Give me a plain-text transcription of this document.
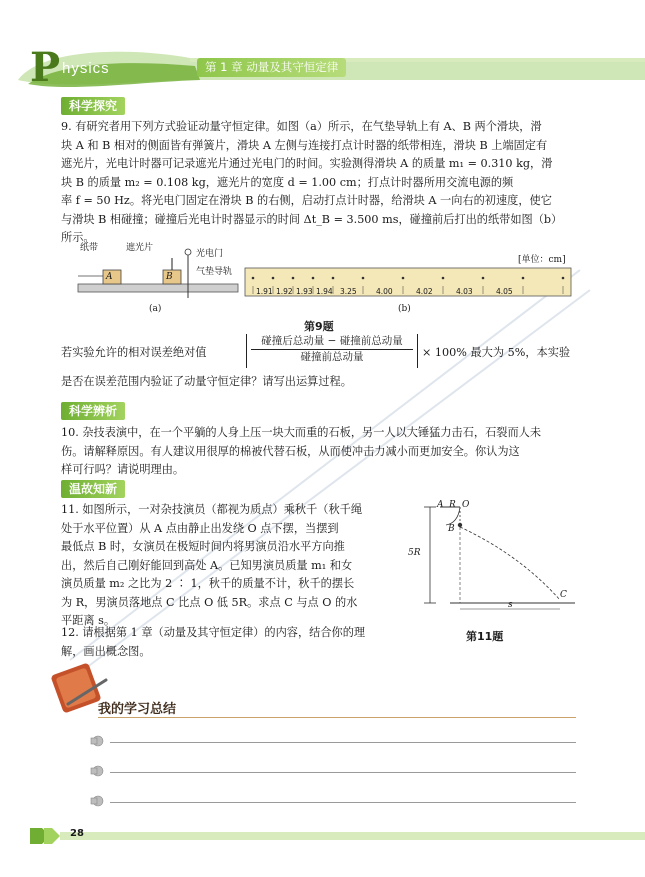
P hysics	第 1 章 动量及其守恒定律
科学探究
9. 有研究者用下列方式验证动量守恒定律。如图（a）所示，在气垫导轨上有 A、B 两个滑块，滑
块 A 和 B 相对的侧面皆有弹簧片，滑块 A 左侧与连接打点计时器的纸带相连，滑块 B 上端固定有
遮光片，光电计时器可记录遮光片通过光电门的时间。实验测得滑块 A 的质量 m₁ = 0.310 kg，滑
块 B 的质量 m₂ = 0.108 kg，遮光片的宽度 d = 1.00 cm；打点计时器所用交流电源的频
率 f = 50 Hz。将光电门固定在滑块 B 的右侧，启动打点计时器，给滑块 A 一向右的初速度，使它
与滑块 B 相碰撞；碰撞后光电计时器显示的时间 Δt_B = 3.500 ms，碰撞前后打出的纸带如图（b）
所示。
纸带	遮光片
光电门
气垫导轨
A	B
(a)
[单位：cm]
1.91 1.92 1.93 1.94 3.25	4.00	4.02	4.03	4.05
(b)
第9题
若实验允许的相对误差绝对值
碰撞后总动量 − 碰撞前总动量
碰撞前总动量	× 100% 最大为 5%，本实验
是否在误差范围内验证了动量守恒定律？请写出运算过程。
科学辨析
10. 杂技表演中，在一个平躺的人身上压一块大而重的石板，另一人以大锤猛力击石，石裂而人未
伤。请解释原因。有人建议用很厚的棉被代替石板，从而使冲击力减小而更加安全。你认为这
样可行吗？请说明理由。
温故知新
11. 如图所示，一对杂技演员（都视为质点）乘秋千（秋千绳
处于水平位置）从 A 点由静止出发绕 O 点下摆，当摆到
最低点 B 时，女演员在极短时间内将男演员沿水平方向推
出，然后自己刚好能回到高处 A。已知男演员质量 m₁ 和女
演员质量 m₂ 之比为 2 ∶ 1，秋千的质量不计，秋千的摆长
为 R，男演员落地点 C 比点 O 低 5R。求点 C 与点 O 的水
平距离 s。
12. 请根据第 1 章（动量及其守恒定律）的内容，结合你的理
解，画出概念图。
A R O
B
5R
s
C
第11题
我的学习总结
28
